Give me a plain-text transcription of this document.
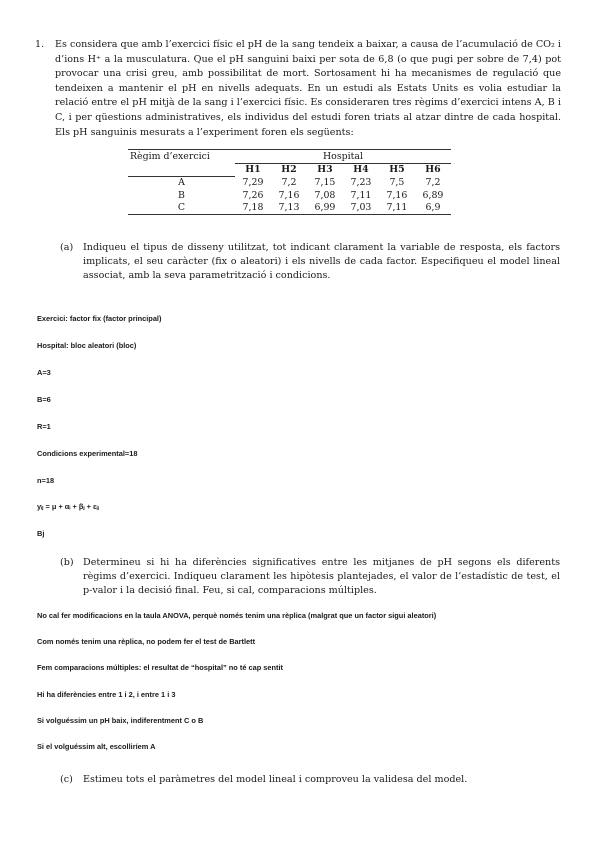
1. Es considera que amb l’exercici físic el pH de la sang tendeix a baixar, a causa de l’acumulació de CO₂ i d’ions H⁺ a la musculatura. Que el pH sanguini baixi per sota de 6,8 (o que pugi per sobre de 7,4) pot provocar una crisi greu, amb possibilitat de mort. Sortosament hi ha mecanismes de regulació que tendeixen a mantenir el pH en nivells adequats. En un estudi als Estats Units es volia estudiar la relació entre el pH mitjà de la sang i l’exercici físic. Es consideraren tres règims d’exercici intens A, B i C, i per qüestions administratives, els individus del estudi foren triats al atzar dintre de cada hospital. Els pH sanguinis mesurats a l’experiment foren els següents:
Règim d’exercici	Hospital					
	H1	H2	H3	H4	H5	H6
A	7,29	7,2	7,15	7,23	7,5	7,2
B	7,26	7,16	7,08	7,11	7,16	6,89
C	7,18	7,13	6,99	7,03	7,11	6,9
(a) Indiqueu el tipus de disseny utilitzat, tot indicant clarament la variable de resposta, els factors implicats, el seu caràcter (fix o aleatori) i els nivells de cada factor. Especifiqueu el model lineal associat, amb la seva parametrització i condicions.
Exercici: factor fix (factor principal)
Hospital: bloc aleatori (bloc)
A=3
B=6
R=1
Condicions experimental=18
n=18
yᵢⱼ = μ + αᵢ + βⱼ + εᵢⱼ
Bj
(b) Determineu si hi ha diferències significatives entre les mitjanes de pH segons els diferents règims d’exercici. Indiqueu clarament les hipòtesis plantejades, el valor de l’estadístic de test, el p-valor i la decisió final. Feu, si cal, comparacions múltiples.
No cal fer modificacions en la taula ANOVA, perquè només tenim una rèplica (malgrat que un factor sigui aleatori)
Com només tenim una rèplica, no podem fer el test de Bartlett
Fem comparacions múltiples: el resultat de “hospital” no té cap sentit
Hi ha diferències entre 1 i 2, i entre 1 i 3
Si volguéssim un pH baix, indiferentment C o B
Si el volguéssim alt, escolliríem A
(c) Estimeu tots el paràmetres del model lineal i comproveu la validesa del model.
